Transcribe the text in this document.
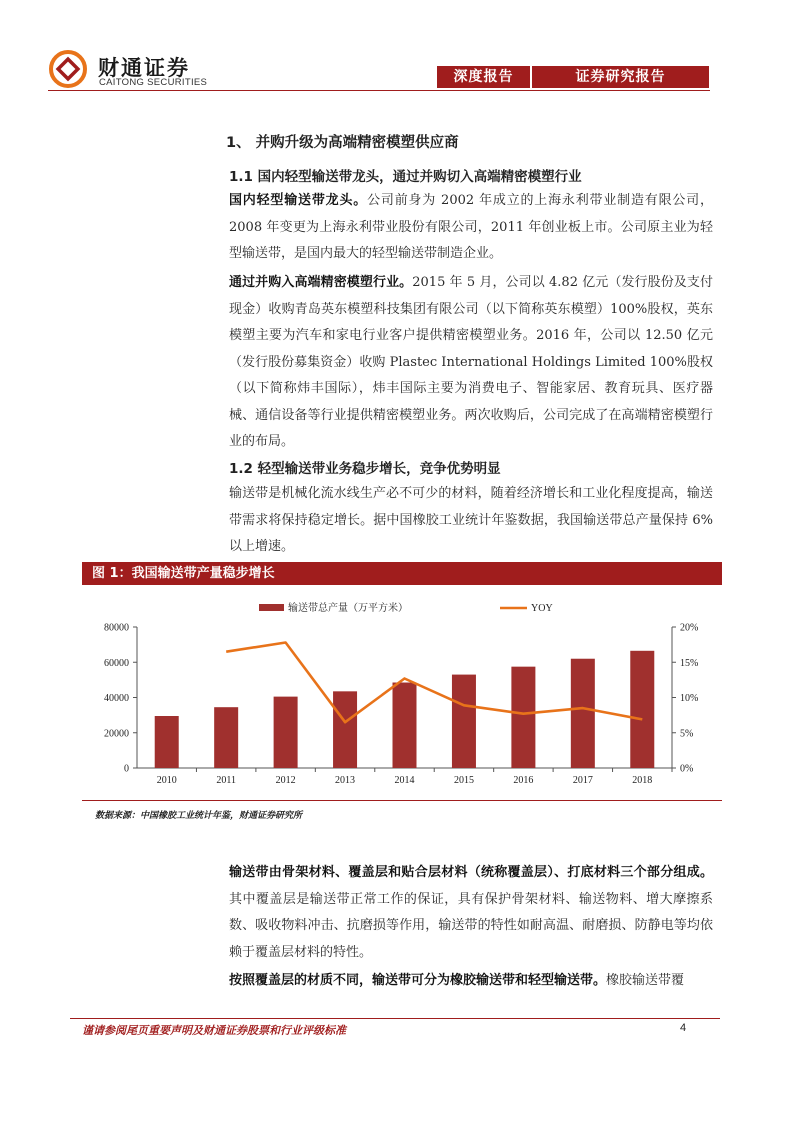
财通证券
CAITONG SECURITIES	深度报告	证券研究报告
1、 并购升级为高端精密模塑供应商
1.1 国内轻型输送带龙头，通过并购切入高端精密模塑行业
国内轻型输送带龙头。公司前身为 2002 年成立的上海永利带业制造有限公司，2008 年变更为上海永利带业股份有限公司，2011 年创业板上市。公司原主业为轻型输送带，是国内最大的轻型输送带制造企业。
通过并购入高端精密模塑行业。2015 年 5 月，公司以 4.82 亿元（发行股份及支付现金）收购青岛英东模塑科技集团有限公司（以下简称英东模塑）100%股权，英东模塑主要为汽车和家电行业客户提供精密模塑业务。2016 年，公司以 12.50 亿元（发行股份募集资金）收购 Plastec International Holdings Limited 100%股权（以下简称炜丰国际），炜丰国际主要为消费电子、智能家居、教育玩具、医疗器械、通信设备等行业提供精密模塑业务。两次收购后，公司完成了在高端精密模塑行业的布局。
1.2 轻型输送带业务稳步增长，竞争优势明显
输送带是机械化流水线生产必不可少的材料，随着经济增长和工业化程度提高，输送带需求将保持稳定增长。据中国橡胶工业统计年鉴数据，我国输送带总产量保持 6%以上增速。
图 1：我国输送带产量稳步增长
0
20000
40000
60000
80000
0%
5%
10%
15%
20%
2010	2011	2012	2013	2014	2015	2016	2017	2018
输送带总产量（万平方米）	YOY
数据来源：中国橡胶工业统计年鉴，财通证券研究所
输送带由骨架材料、覆盖层和贴合层材料（统称覆盖层）、打底材料三个部分组成。其中覆盖层是输送带正常工作的保证，具有保护骨架材料、输送物料、增大摩擦系数、吸收物料冲击、抗磨损等作用，输送带的特性如耐高温、耐磨损、防静电等均依赖于覆盖层材料的特性。
按照覆盖层的材质不同，输送带可分为橡胶输送带和轻型输送带。橡胶输送带覆
谨请参阅尾页重要声明及财通证券股票和行业评级标准	4
